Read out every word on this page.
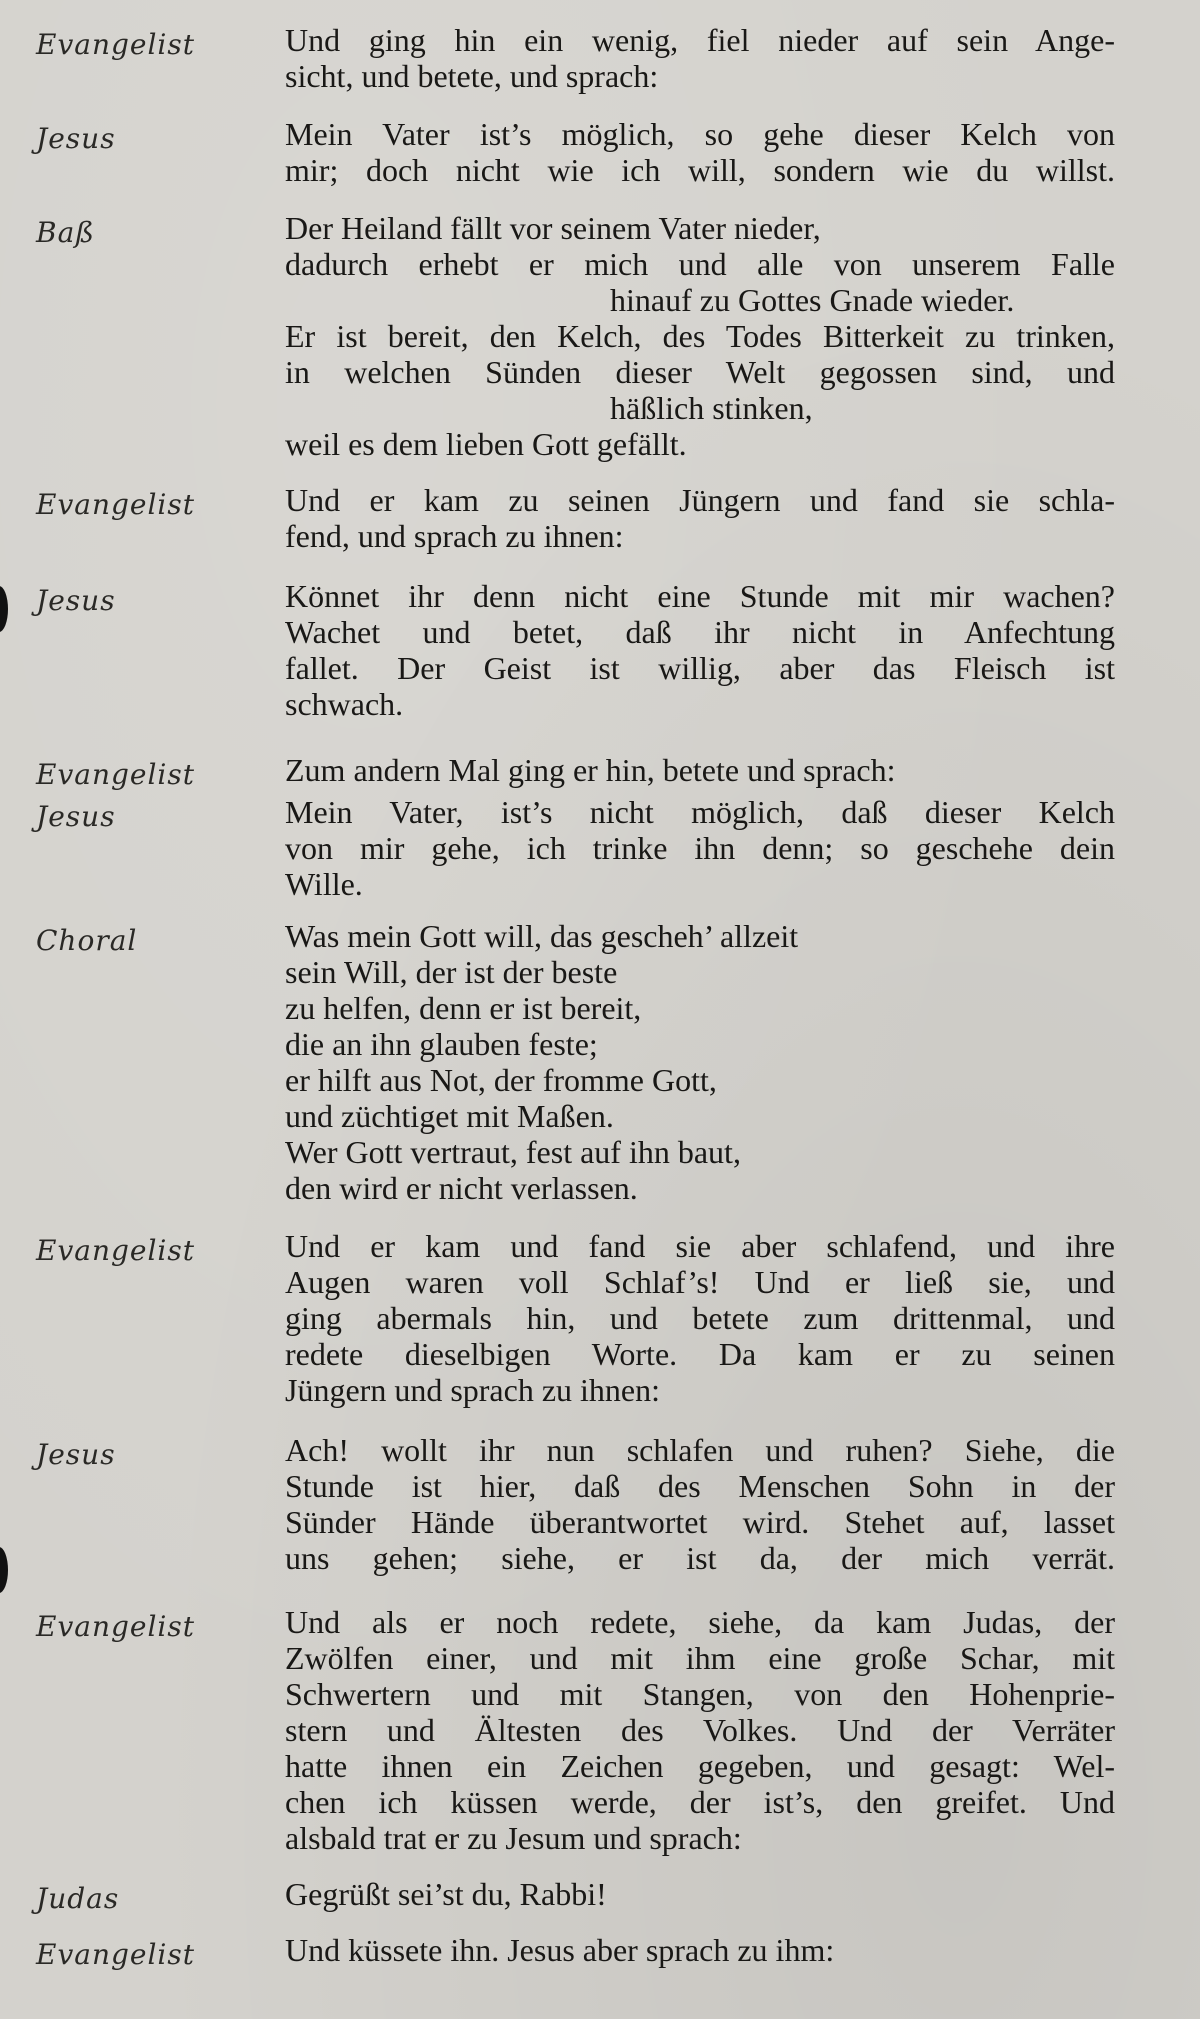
Evangelist	Und ging hin ein wenig, fiel nieder auf sein Ange-
sicht, und betete, und sprach:
Jesus	Mein Vater ist’s möglich, so gehe dieser Kelch von
mir; doch nicht wie ich will, sondern wie du willst.
Baß	Der Heiland fällt vor seinem Vater nieder,
dadurch erhebt er mich und alle von unserem Falle
hinauf zu Gottes Gnade wieder.
Er ist bereit, den Kelch, des Todes Bitterkeit zu trinken,
in welchen Sünden dieser Welt gegossen sind, und
häßlich stinken,
weil es dem lieben Gott gefällt.
Evangelist	Und er kam zu seinen Jüngern und fand sie schla-
fend, und sprach zu ihnen:
Jesus	Könnet ihr denn nicht eine Stunde mit mir wachen?
Wachet und betet, daß ihr nicht in Anfechtung
fallet. Der Geist ist willig, aber das Fleisch ist
schwach.
Evangelist	Zum andern Mal ging er hin, betete und sprach:
Jesus	Mein Vater, ist’s nicht möglich, daß dieser Kelch
von mir gehe, ich trinke ihn denn; so geschehe dein
Wille.
Choral	Was mein Gott will, das gescheh’ allzeit
sein Will, der ist der beste
zu helfen, denn er ist bereit,
die an ihn glauben feste;
er hilft aus Not, der fromme Gott,
und züchtiget mit Maßen.
Wer Gott vertraut, fest auf ihn baut,
den wird er nicht verlassen.
Evangelist	Und er kam und fand sie aber schlafend, und ihre
Augen waren voll Schlaf’s! Und er ließ sie, und
ging abermals hin, und betete zum drittenmal, und
redete dieselbigen Worte. Da kam er zu seinen
Jüngern und sprach zu ihnen:
Jesus	Ach! wollt ihr nun schlafen und ruhen? Siehe, die
Stunde ist hier, daß des Menschen Sohn in der
Sünder Hände überantwortet wird. Stehet auf, lasset
uns gehen; siehe, er ist da, der mich verrät.
Evangelist	Und als er noch redete, siehe, da kam Judas, der
Zwölfen einer, und mit ihm eine große Schar, mit
Schwertern und mit Stangen, von den Hohenprie-
stern und Ältesten des Volkes. Und der Verräter
hatte ihnen ein Zeichen gegeben, und gesagt: Wel-
chen ich küssen werde, der ist’s, den greifet. Und
alsbald trat er zu Jesum und sprach:
Judas	Gegrüßt sei’st du, Rabbi!
Evangelist	Und küssete ihn. Jesus aber sprach zu ihm:
